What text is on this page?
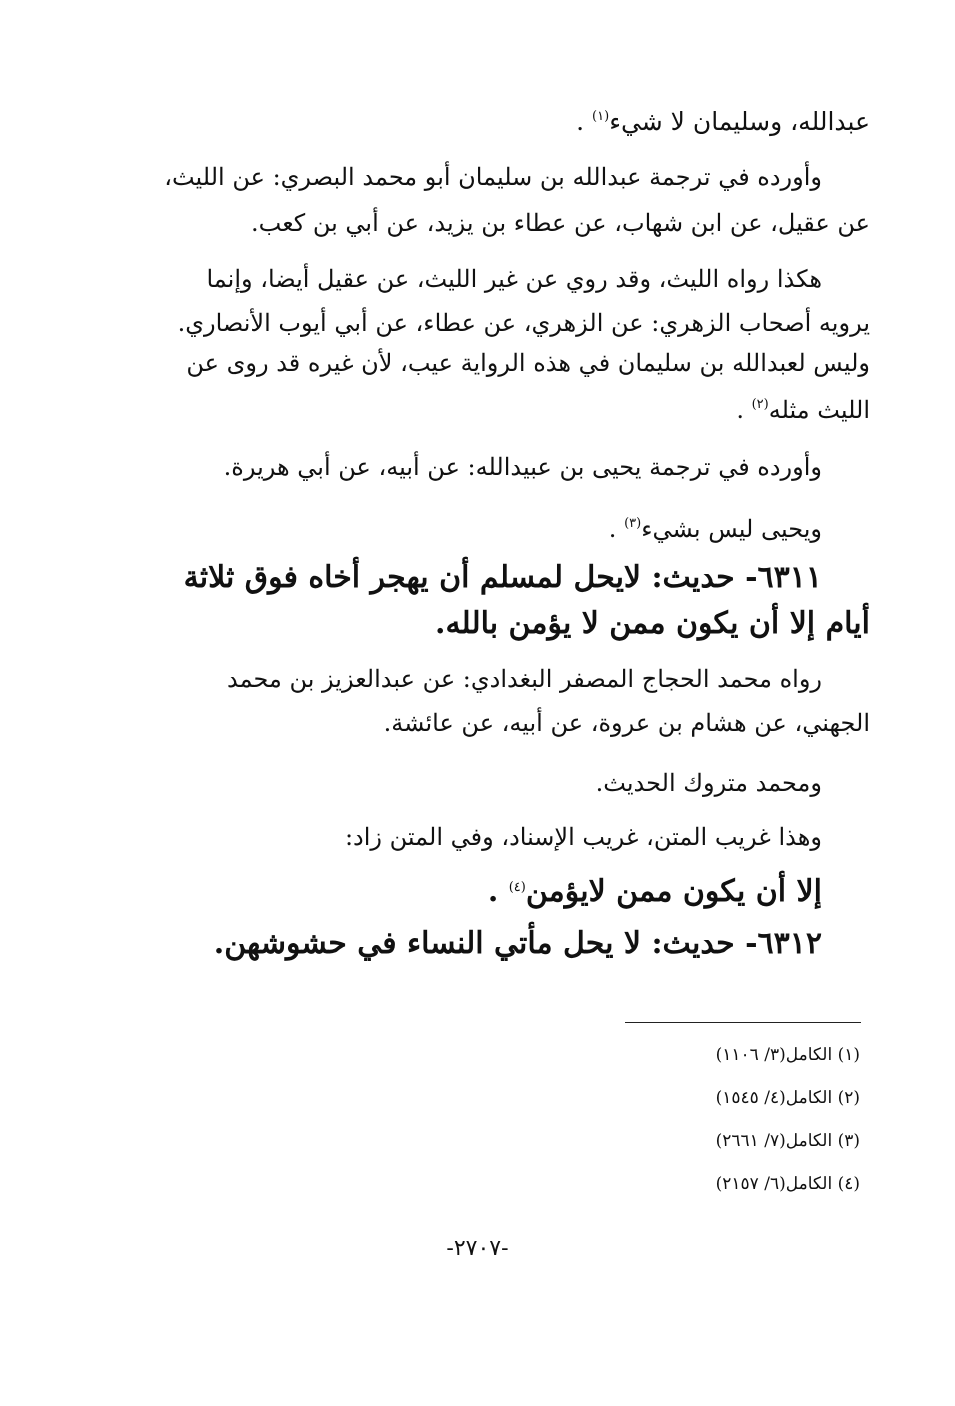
عبدالله، وسليمان لا شيء$^{(١)}$ .
وأورده في ترجمة عبدالله بن سليمان أبو محمد البصري: عن الليث،
عن عقيل، عن ابن شهاب، عن عطاء بن يزيد، عن أبي بن كعب.
هكذا رواه الليث، وقد روي عن غير الليث، عن عقيل أيضا، وإنما
يرويه أصحاب الزهري: عن الزهري، عن عطاء، عن أبي أيوب الأنصاري.
وليس لعبدالله بن سليمان في هذه الرواية عيب، لأن غيره قد روى عن
الليث مثله$^{(٢)}$ .
وأورده في ترجمة يحيى بن عبيدالله: عن أبيه، عن أبي هريرة.
ويحيى ليس بشيء$^{(٣)}$ .
٦٣١١- حديث: لايحل لمسلم أن يهجر أخاه فوق ثلاثة
أيام إلا أن يكون ممن لا يؤمن بالله.
رواه محمد الحجاج المصفر البغدادي: عن عبدالعزيز بن محمد
الجهني، عن هشام بن عروة، عن أبيه، عن عائشة.
ومحمد متروك الحديث.
وهذا غريب المتن، غريب الإسناد، وفي المتن زاد:
إلا أن يكون ممن لايؤمن$^{(٤)}$ .
٦٣١٢- حديث: لا يحل مأتي النساء في حشوشهن.
(١) الكامل(٣/ ١١٠٦)
(٢) الكامل(٤/ ١٥٤٥)
(٣) الكامل(٧/ ٢٦٦١)
(٤) الكامل(٦/ ٢١٥٧)
-٢٧٠٧-
